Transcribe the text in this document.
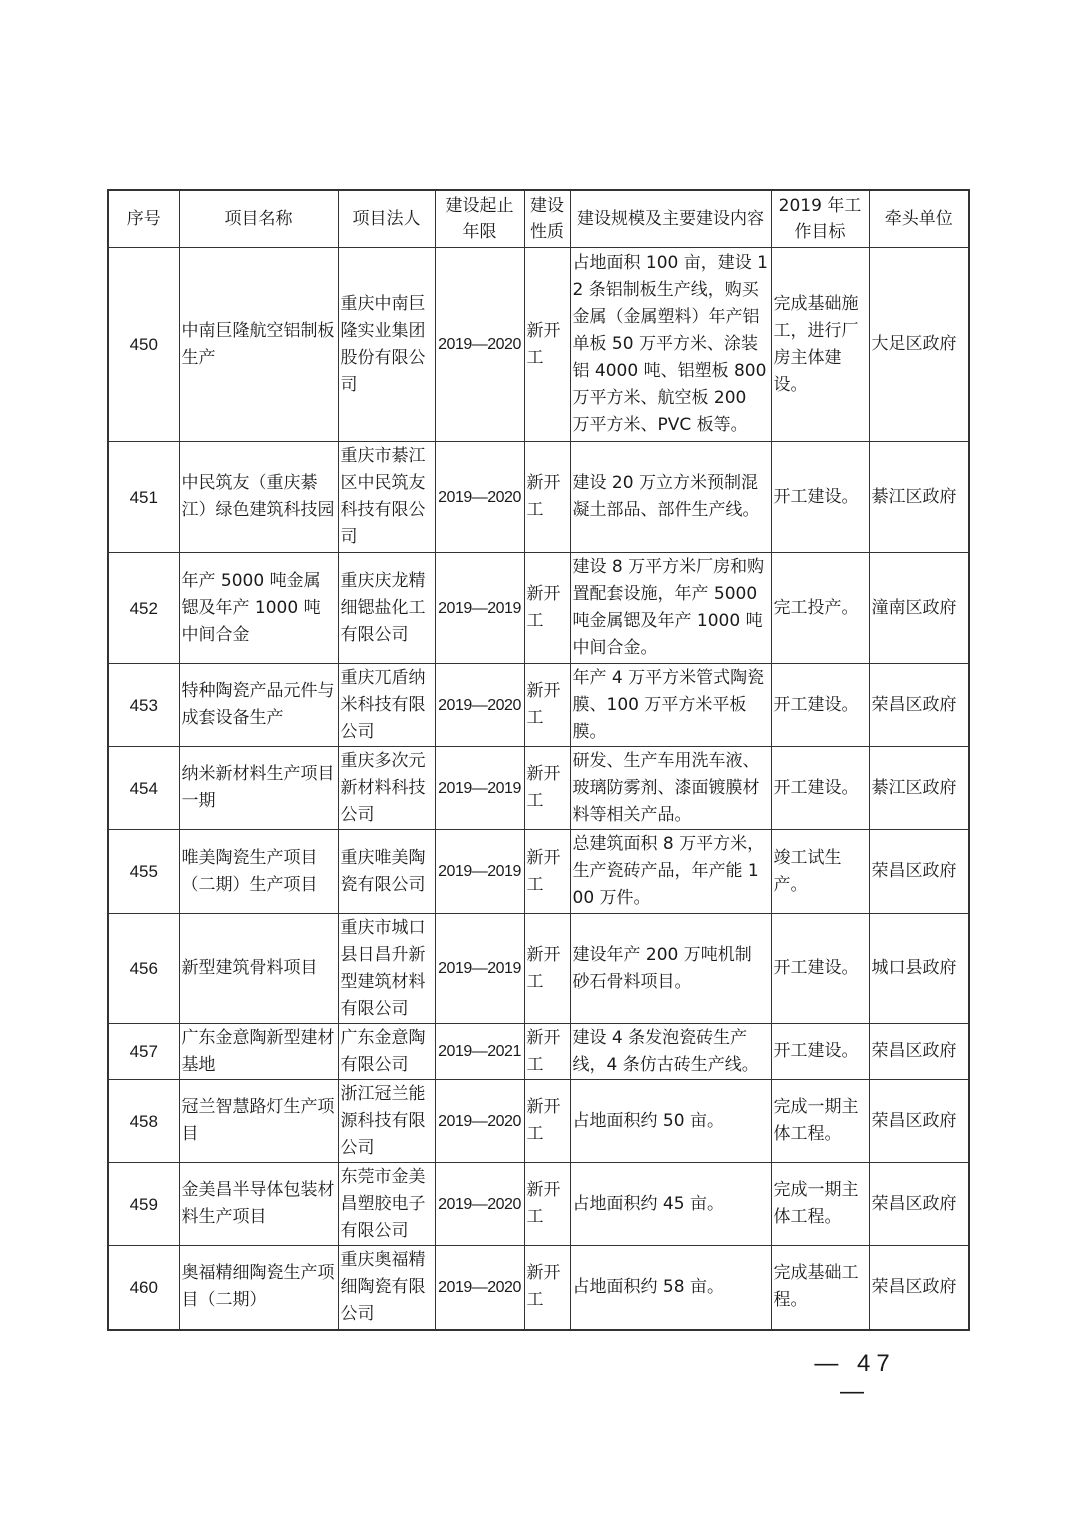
序号	项目名称	项目法人	建设起止年限	建设性质	建设规模及主要建设内容	2019 年工作目标	牵头单位
450	中南巨隆航空铝制板生产	重庆中南巨隆实业集团股份有限公司	2019—2020	新开工	占地面积 100 亩，建设 12 条铝制板生产线，购买金属（金属塑料）年产铝单板 50 万平方米、涂装铝 4000 吨、铝塑板 800 万平方米、航空板 200 万平方米、PVC 板等。	完成基础施工，进行厂房主体建设。	大足区政府
451	中民筑友（重庆綦江）绿色建筑科技园	重庆市綦江区中民筑友科技有限公司	2019—2020	新开工	建设 20 万立方米预制混凝土部品、部件生产线。	开工建设。	綦江区政府
452	年产 5000 吨金属锶及年产 1000 吨中间合金	重庆庆龙精细锶盐化工有限公司	2019—2019	新开工	建设 8 万平方米厂房和购置配套设施，年产 5000 吨金属锶及年产 1000 吨中间合金。	完工投产。	潼南区政府
453	特种陶瓷产品元件与成套设备生产	重庆兀盾纳米科技有限公司	2019—2020	新开工	年产 4 万平方米管式陶瓷膜、100 万平方米平板膜。	开工建设。	荣昌区政府
454	纳米新材料生产项目一期	重庆多次元新材料科技公司	2019—2019	新开工	研发、生产车用洗车液、玻璃防雾剂、漆面镀膜材料等相关产品。	开工建设。	綦江区政府
455	唯美陶瓷生产项目（二期）生产项目	重庆唯美陶瓷有限公司	2019—2019	新开工	总建筑面积 8 万平方米，生产瓷砖产品，年产能 100 万件。	竣工试生产。	荣昌区政府
456	新型建筑骨料项目	重庆市城口县日昌升新型建筑材料有限公司	2019—2019	新开工	建设年产 200 万吨机制砂石骨料项目。	开工建设。	城口县政府
457	广东金意陶新型建材基地	广东金意陶有限公司	2019—2021	新开工	建设 4 条发泡瓷砖生产线，4 条仿古砖生产线。	开工建设。	荣昌区政府
458	冠兰智慧路灯生产项目	浙江冠兰能源科技有限公司	2019—2020	新开工	占地面积约 50 亩。	完成一期主体工程。	荣昌区政府
459	金美昌半导体包装材料生产项目	东莞市金美昌塑胶电子有限公司	2019—2020	新开工	占地面积约 45 亩。	完成一期主体工程。	荣昌区政府
460	奥福精细陶瓷生产项目（二期）	重庆奥福精细陶瓷有限公司	2019—2020	新开工	占地面积约 58 亩。	完成基础工程。	荣昌区政府
— 47 —
